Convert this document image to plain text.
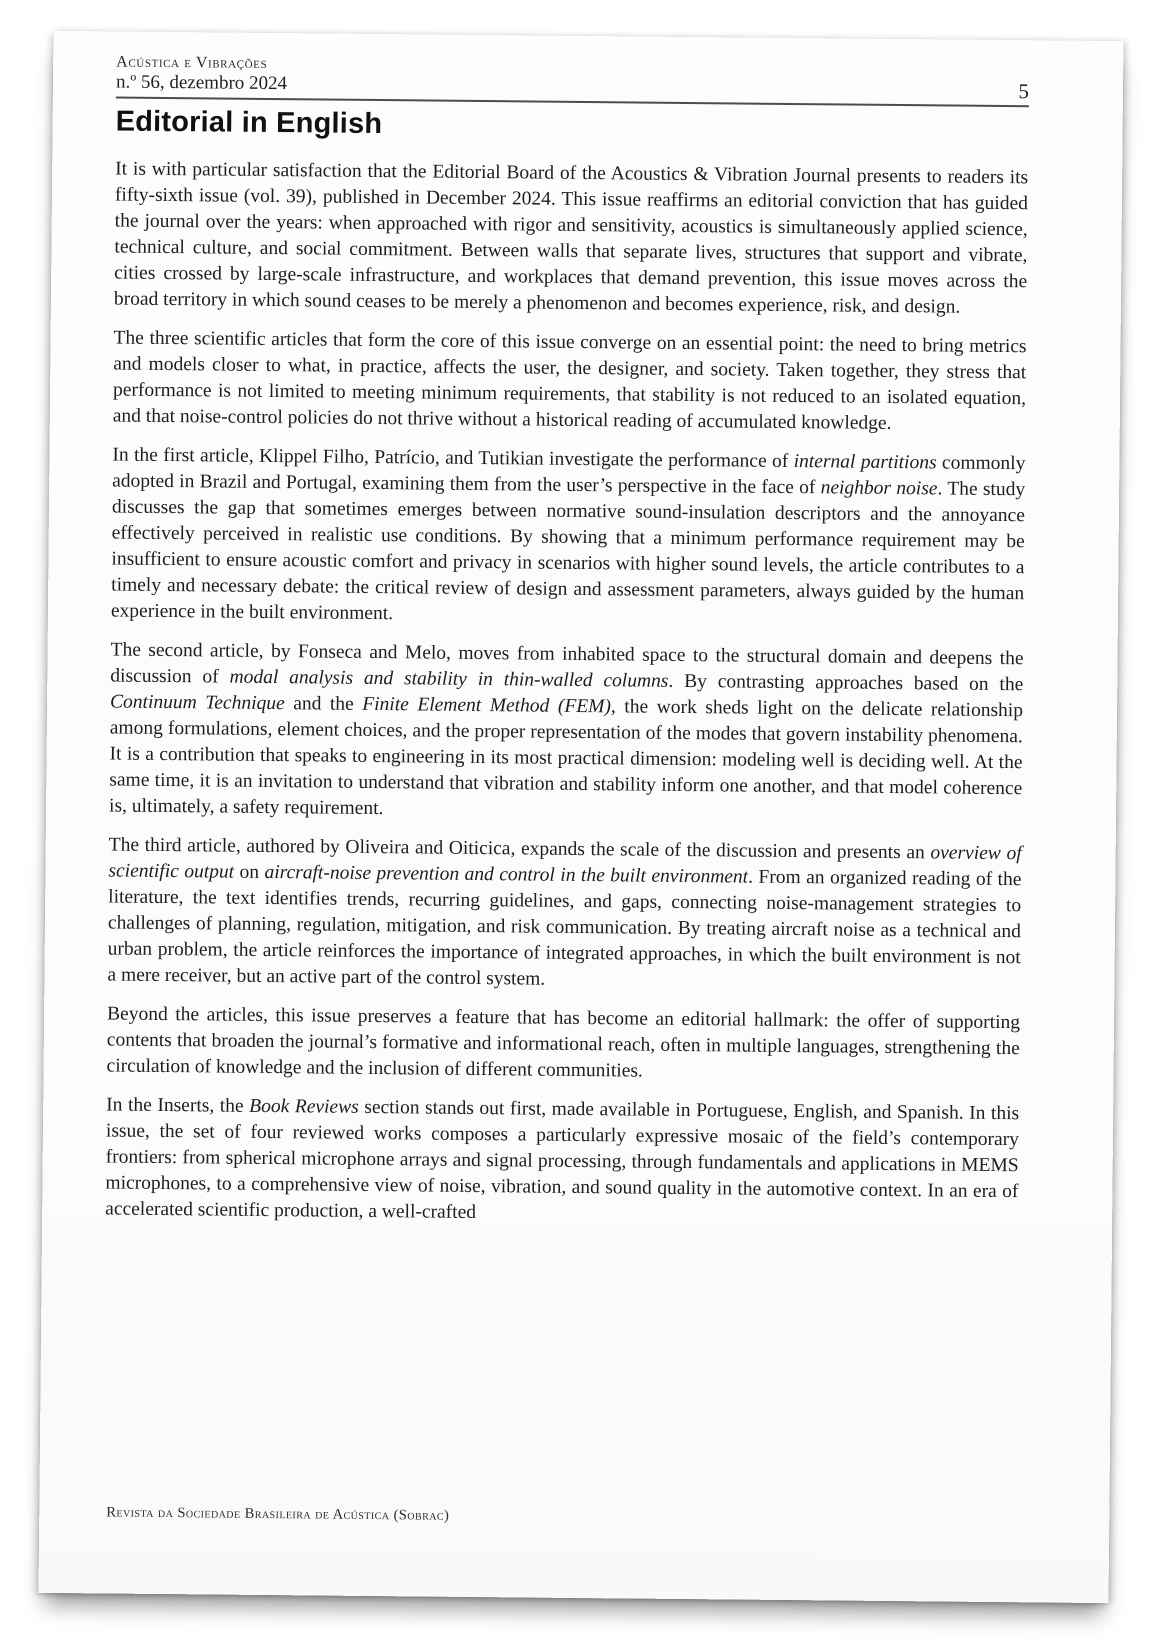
Acústica e Vibrações
n.º 56, dezembro 2024	5
Editorial in English

It is with particular satisfaction that the Editorial Board of the Acoustics & Vibration Journal presents to readers its fifty-sixth issue (vol. 39), published in December 2024. This issue reaffirms an editorial conviction that has guided the journal over the years: when approached with rigor and sensitivity, acoustics is simultaneously applied science, technical culture, and social commitment. Between walls that separate lives, structures that support and vibrate, cities crossed by large-scale infrastructure, and workplaces that demand prevention, this issue moves across the broad territory in which sound ceases to be merely a phenomenon and becomes experience, risk, and design.

The three scientific articles that form the core of this issue converge on an essential point: the need to bring metrics and models closer to what, in practice, affects the user, the designer, and society. Taken together, they stress that performance is not limited to meeting minimum requirements, that stability is not reduced to an isolated equation, and that noise-control policies do not thrive without a historical reading of accumulated knowledge.

In the first article, Klippel Filho, Patrício, and Tutikian investigate the performance of internal partitions commonly adopted in Brazil and Portugal, examining them from the user’s perspective in the face of neighbor noise. The study discusses the gap that sometimes emerges between normative sound-insulation descriptors and the annoyance effectively perceived in realistic use conditions. By showing that a minimum performance requirement may be insufficient to ensure acoustic comfort and privacy in scenarios with higher sound levels, the article contributes to a timely and necessary debate: the critical review of design and assessment parameters, always guided by the human experience in the built environment.

The second article, by Fonseca and Melo, moves from inhabited space to the structural domain and deepens the discussion of modal analysis and stability in thin-walled columns. By contrasting approaches based on the Continuum Technique and the Finite Element Method (FEM), the work sheds light on the delicate relationship among formulations, element choices, and the proper representation of the modes that govern instability phenomena. It is a contribution that speaks to engineering in its most practical dimension: modeling well is deciding well. At the same time, it is an invitation to understand that vibration and stability inform one another, and that model coherence is, ultimately, a safety requirement.

The third article, authored by Oliveira and Oiticica, expands the scale of the discussion and presents an overview of scientific output on aircraft-noise prevention and control in the built environment. From an organized reading of the literature, the text identifies trends, recurring guidelines, and gaps, connecting noise-management strategies to challenges of planning, regulation, mitigation, and risk communication. By treating aircraft noise as a technical and urban problem, the article reinforces the importance of integrated approaches, in which the built environment is not a mere receiver, but an active part of the control system.

Beyond the articles, this issue preserves a feature that has become an editorial hallmark: the offer of supporting contents that broaden the journal’s formative and informational reach, often in multiple languages, strengthening the circulation of knowledge and the inclusion of different communities.

In the Inserts, the Book Reviews section stands out first, made available in Portuguese, English, and Spanish. In this issue, the set of four reviewed works composes a particularly expressive mosaic of the field’s contemporary frontiers: from spherical microphone arrays and signal processing, through fundamentals and applications in MEMS microphones, to a comprehensive view of noise, vibration, and sound quality in the automotive context. In an era of accelerated scientific production, a well-crafted

Revista da Sociedade Brasileira de Acústica (Sobrac)
